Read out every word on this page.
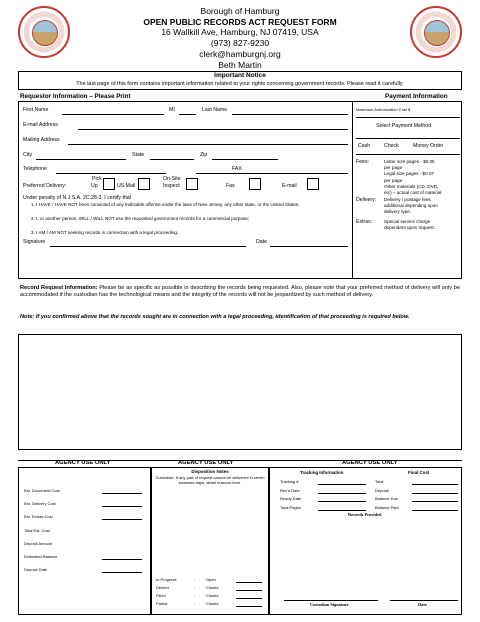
Borough of Hamburg
OPEN PUBLIC RECORDS ACT REQUEST FORM
16 Wallkill Ave, Hamburg, NJ 07419, USA
(973) 827-9230
clerk@hamburgnj.org
Beth Martin
Important Notice
The last page of this form contains important information related to your rights concerning government records. Please read it carefully.
Requestor Information – Please Print	Payment Information
First Name	MI	Last Name
E-mail Address
Mailing Address
City	State	Zip
Telephone	FAX
Pick	On-Site
Preferred Delivery:	Up	US Mail	Inspect	Fax	E-mail
Under penalty of N.J.S.A. 2C:28-3, I certify that
1. I HAVE / HAVE NOT been convicted of any indictable offense under the laws of New Jersey, any other state, or the United States;
2. I, or another person, WILL / WILL NOT use the requested government records for a commercial purpose;
3. I AM / AM NOT seeking records in connection with a legal proceeding.
Signature	Date
Maximum Authorization Cost $
Select Payment Method
Cash	Check	Money Order
Fees:	Letter size pages - $0.05
per page
Legal size pages - $0.07
per page
Other materials (CD, DVD,
etc) – actual cost of material
Delivery: Delivery / postage fees
additional depending upon
delivery type.
Extras:	Special service charge
dependent upon request.
Record Request Information: Please be as specific as possible in describing the records being requested. Also, please note that your preferred method of delivery will only be accommodated if the custodian has the technological means and the integrity of the records will not be jeopardized by such method of delivery.
Note: If you confirmed above that the records sought are in connection with a legal proceeding, identification of that proceeding is required below.
AGENCY USE ONLY	AGENCY USE ONLY	AGENCY USE ONLY
Est. Document Cost
Est. Delivery Cost
Est. Extras Cost
Total Est. Cost
Deposit Amount
Estimated Balance
Deposit Date
Disposition Notes
Custodian: If any part of request cannot be delivered in seven business days, detail reasons here.
In Progress	-	Open
Denied	-	Closed
Filled	-	Closed
Partial	-	Closed
Tracking Information	Final Cost
Tracking #
Rec'd Date
Ready Date
Total Pages
Total
Deposit
Balance Due
Balance Paid
Records Provided
Custodian Signature	Date
